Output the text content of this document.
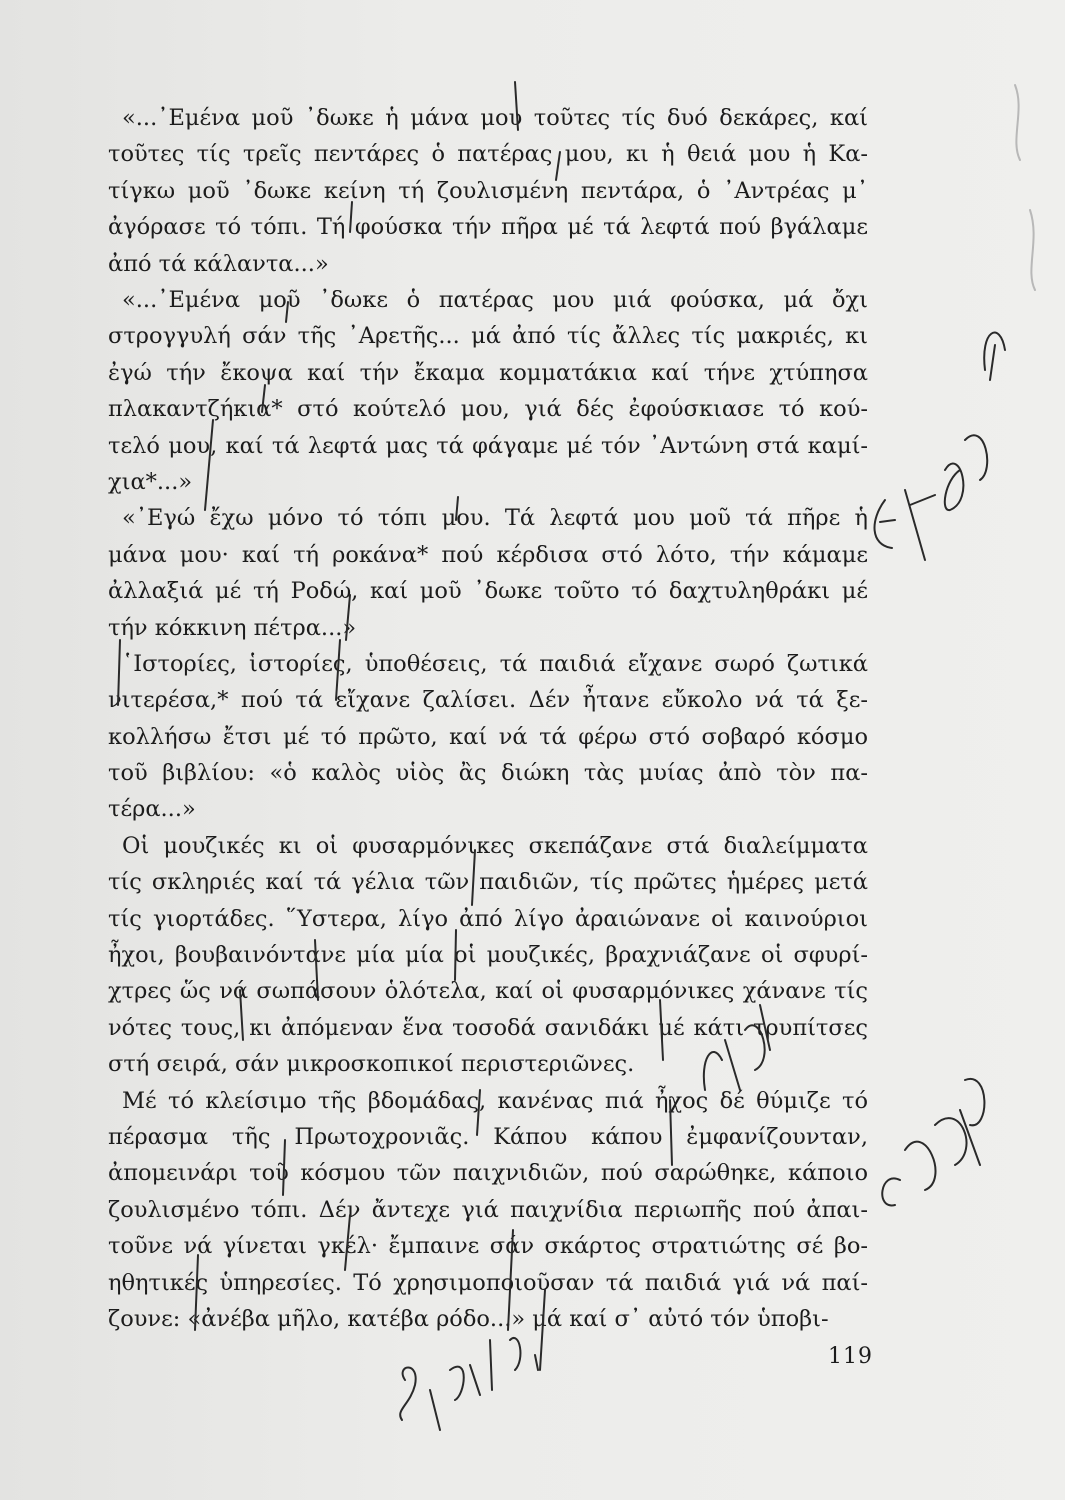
«...᾿Εμένα μοῦ ᾿δωκε ἡ μάνα μου τοῦτες τίς δυό δεκάρες, καί
τοῦτες τίς τρεῖς πεντάρες ὁ πατέρας μου, κι ἡ θειά μου ἡ Κα-
τίγκω μοῦ ᾿δωκε κείνη τή ζουλισμένη πεντάρα, ὁ ᾿Αντρέας μ᾿
ἀγόρασε τό τόπι. Τή φούσκα τήν πῆρα μέ τά λεφτά πού βγάλαμε
ἀπό τά κάλαντα...»
«...᾿Εμένα μοῦ ᾿δωκε ὁ πατέρας μου μιά φούσκα, μά ὄχι
στρογγυλή σάν τῆς ᾿Αρετῆς... μά ἀπό τίς ἄλλες τίς μακριές, κι
ἐγώ τήν ἔκοψα καί τήν ἔκαμα κομματάκια καί τήνε χτύπησα
πλακαντζήκια* στό κούτελό μου, γιά δές ἐφούσκιασε τό κού-
τελό μου, καί τά λεφτά μας τά φάγαμε μέ τόν ᾿Αντώνη στά καμί-
χια*...»
«᾿Εγώ ἔχω μόνο τό τόπι μου. Τά λεφτά μου μοῦ τά πῆρε ἡ
μάνα μου· καί τή ροκάνα* πού κέρδισα στό λότο, τήν κάμαμε
ἀλλαξιά μέ τή Ροδώ, καί μοῦ ᾿δωκε τοῦτο τό δαχτυληθράκι μέ
τήν κόκκινη πέτρα...»
῾Ιστορίες, ἱστορίες, ὑποθέσεις, τά παιδιά εἴχανε σωρό ζωτικά
νιτερέσα,* πού τά εἴχανε ζαλίσει. Δέν ἦτανε εὔκολο νά τά ξε-
κολλήσω ἔτσι μέ τό πρῶτο, καί νά τά φέρω στό σοβαρό κόσμο
τοῦ βιβλίου: «ὁ καλὸς υἱὸς ἂς διώκη τὰς μυίας ἀπὸ τὸν πα-
τέρα...»
Οἱ μουζικές κι οἱ φυσαρμόνικες σκεπάζανε στά διαλείμματα
τίς σκληριές καί τά γέλια τῶν παιδιῶν, τίς πρῶτες ἡμέρες μετά
τίς γιορτάδες. ῞Υστερα, λίγο ἀπό λίγο ἀραιώνανε οἱ καινούριοι
ἦχοι, βουβαινόντανε μία μία οἱ μουζικές, βραχνιάζανε οἱ σφυρί-
χτρες ὥς νά σωπάσουν ὁλότελα, καί οἱ φυσαρμόνικες χάνανε τίς
νότες τους, κι ἀπόμεναν ἕνα τοσοδά σανιδάκι μέ κάτι τρυπίτσες
στή σειρά, σάν μικροσκοπικοί περιστεριῶνες.
Μέ τό κλείσιμο τῆς βδομάδας, κανένας πιά ἦχος δέ θύμιζε τό
πέρασμα τῆς Πρωτοχρονιᾶς. Κάπου κάπου ἐμφανίζουνταν,
ἀπομεινάρι τοῦ κόσμου τῶν παιχνιδιῶν, πού σαρώθηκε, κάποιο
ζουλισμένο τόπι. Δέν ἄντεχε γιά παιχνίδια περιωπῆς πού ἀπαι-
τοῦνε νά γίνεται γκέλ· ἔμπαινε σάν σκάρτος στρατιώτης σέ βο-
ηθητικές ὑπηρεσίες. Τό χρησιμοποιοῦσαν τά παιδιά γιά νά παί-
ζουνε: «ἀνέβα μῆλο, κατέβα ρόδο...» μά καί σ᾿ αὐτό τόν ὑποβι-
119
